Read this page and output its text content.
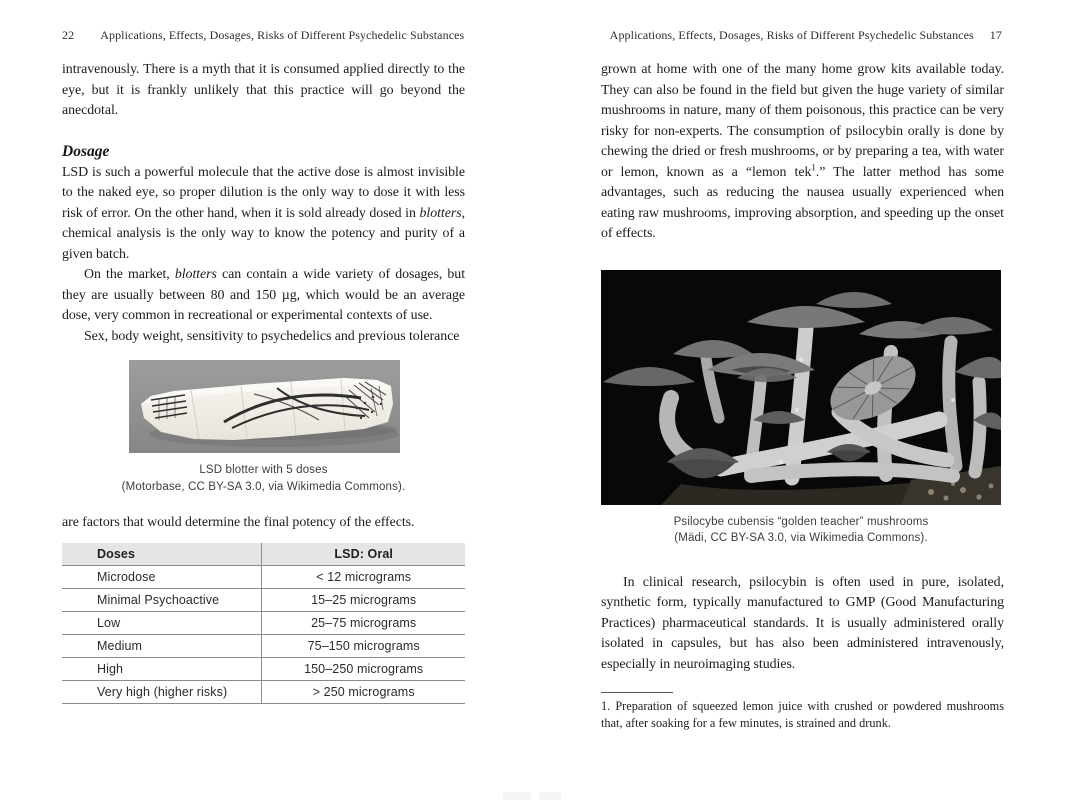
22 Applications, Effects, Dosages, Risks of Different Psychedelic Substances

intravenously. There is a myth that it is consumed applied directly to the eye, but it is frankly unlikely that this practice will go beyond the anecdotal.

Dosage

LSD is such a powerful molecule that the active dose is almost invisible to the naked eye, so proper dilution is the only way to dose it with less risk of error. On the other hand, when it is sold already dosed in blotters, chemical analysis is the only way to know the potency and purity of a given batch.

On the market, blotters can contain a wide variety of dosages, but they are usually between 80 and 150 µg, which would be an average dose, very common in recreational or experimental contexts of use.

Sex, body weight, sensitivity to psychedelics and previous tolerance

LSD blotter with 5 doses
(Motorbase, CC BY-SA 3.0, via Wikimedia Commons).

are factors that would determine the final potency of the effects.

Doses	LSD: Oral
Microdose	< 12 micrograms
Minimal Psychoactive	15–25 micrograms
Low	25–75 micrograms
Medium	75–150 micrograms
High	150–250 micrograms
Very high (higher risks)	> 250 micrograms
Applications, Effects, Dosages, Risks of Different Psychedelic Substances 17

grown at home with one of the many home grow kits available today. They can also be found in the field but given the huge variety of similar mushrooms in nature, many of them poisonous, this practice can be very risky for non-experts. The consumption of psilocybin orally is done by chewing the dried or fresh mushrooms, or by preparing a tea, with water or lemon, known as a “lemon tek$^1$.” The latter method has some advantages, such as reducing the nausea usually experienced when eating raw mushrooms, improving absorption, and speeding up the onset of effects.

Psilocybe cubensis “golden teacher” mushrooms
(Mädi, CC BY-SA 3.0, via Wikimedia Commons).

In clinical research, psilocybin is often used in pure, isolated, synthetic form, typically manufactured to GMP (Good Manufacturing Practices) pharmaceutical standards. It is usually administered orally isolated in capsules, but has also been administered intravenously, especially in neuroimaging studies.

1. Preparation of squeezed lemon juice with crushed or powdered mushrooms that, after soaking for a few minutes, is strained and drunk.
